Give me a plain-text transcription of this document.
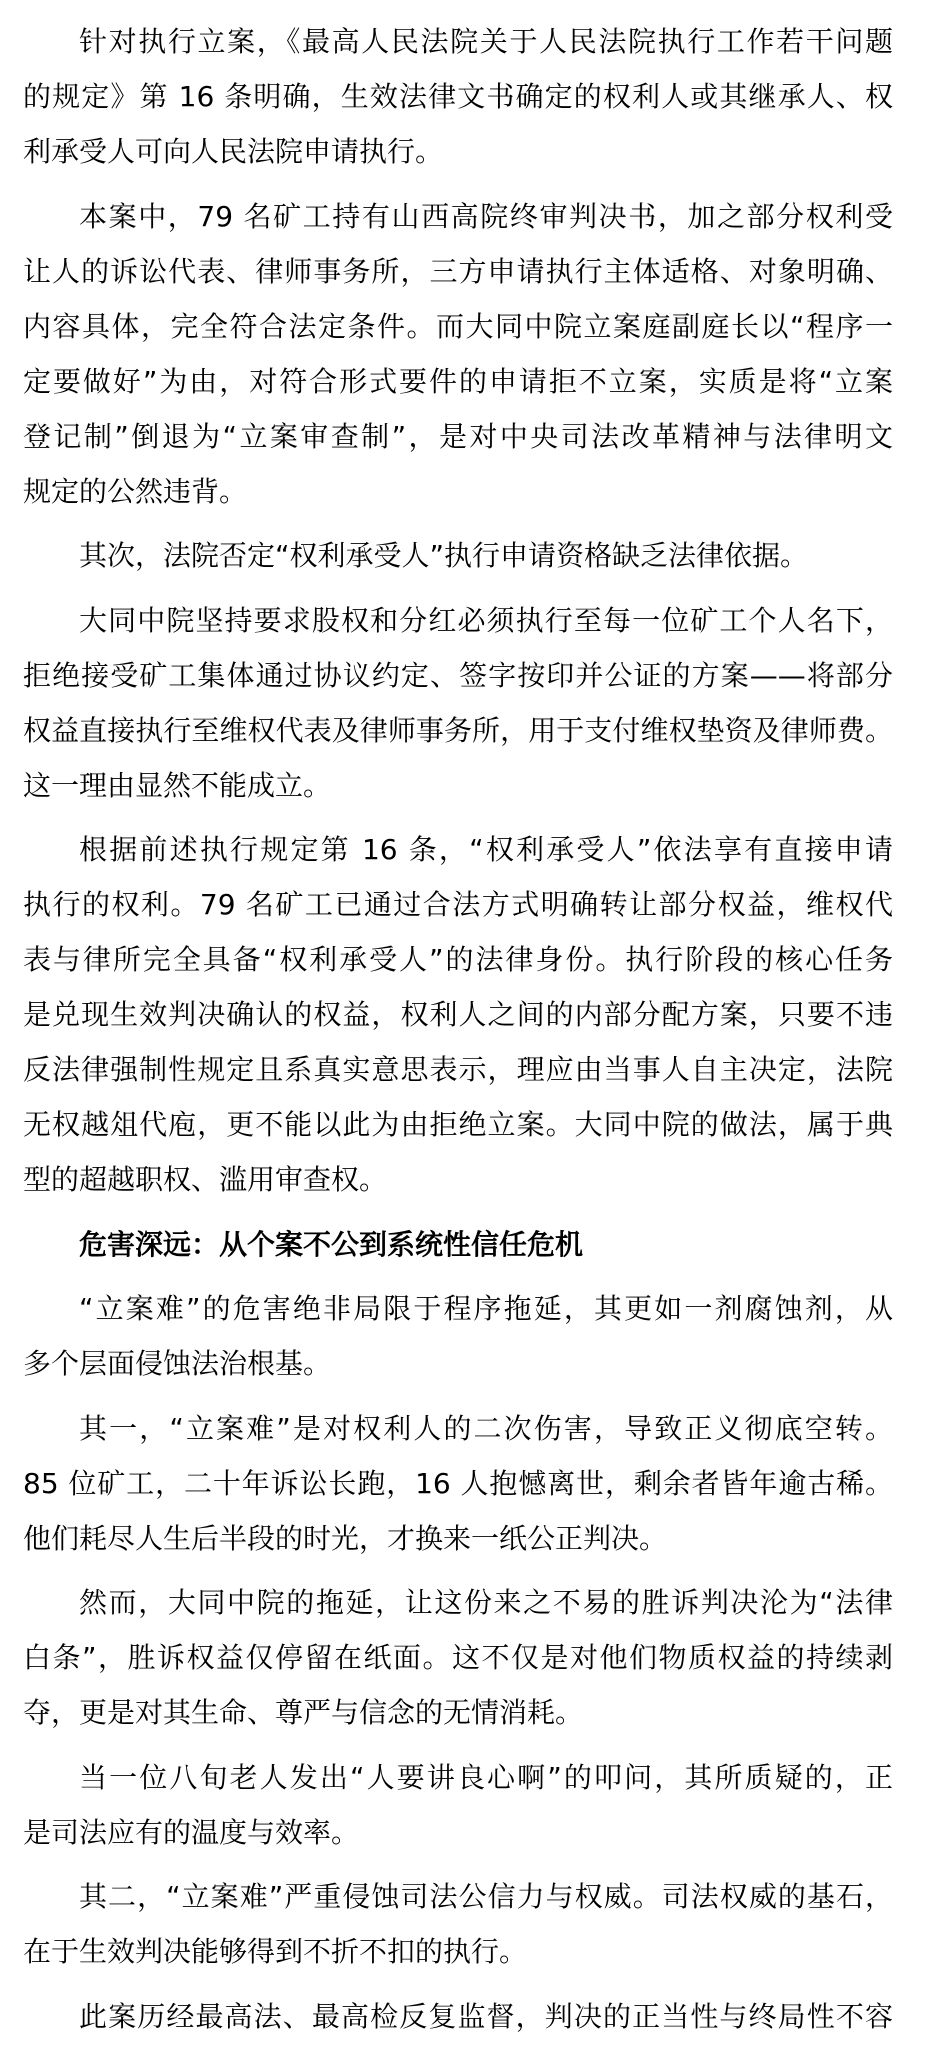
针对执行立案，《最高人民法院关于人民法院执行工作若干问题
的规定》第 16 条明确，生效法律文书确定的权利人或其继承人、权
利承受人可向人民法院申请执行。
本案中，79 名矿工持有山西高院终审判决书，加之部分权利受
让人的诉讼代表、律师事务所，三方申请执行主体适格、对象明确、
内容具体，完全符合法定条件。而大同中院立案庭副庭长以“程序一
定要做好”为由，对符合形式要件的申请拒不立案，实质是将“立案
登记制”倒退为“立案审查制”，是对中央司法改革精神与法律明文
规定的公然违背。
其次，法院否定“权利承受人”执行申请资格缺乏法律依据。
大同中院坚持要求股权和分红必须执行至每一位矿工个人名下，
拒绝接受矿工集体通过协议约定、签字按印并公证的方案——将部分
权益直接执行至维权代表及律师事务所，用于支付维权垫资及律师费。
这一理由显然不能成立。
根据前述执行规定第 16 条，“权利承受人”依法享有直接申请
执行的权利。79 名矿工已通过合法方式明确转让部分权益，维权代
表与律所完全具备“权利承受人”的法律身份。执行阶段的核心任务
是兑现生效判决确认的权益，权利人之间的内部分配方案，只要不违
反法律强制性规定且系真实意思表示，理应由当事人自主决定，法院
无权越俎代庖，更不能以此为由拒绝立案。大同中院的做法，属于典
型的超越职权、滥用审查权。
危害深远：从个案不公到系统性信任危机
“立案难”的危害绝非局限于程序拖延，其更如一剂腐蚀剂，从
多个层面侵蚀法治根基。
其一，“立案难”是对权利人的二次伤害，导致正义彻底空转。
85 位矿工，二十年诉讼长跑，16 人抱憾离世，剩余者皆年逾古稀。
他们耗尽人生后半段的时光，才换来一纸公正判决。
然而，大同中院的拖延，让这份来之不易的胜诉判决沦为“法律
白条”，胜诉权益仅停留在纸面。这不仅是对他们物质权益的持续剥
夺，更是对其生命、尊严与信念的无情消耗。
当一位八旬老人发出“人要讲良心啊”的叩问，其所质疑的，正
是司法应有的温度与效率。
其二，“立案难”严重侵蚀司法公信力与权威。司法权威的基石，
在于生效判决能够得到不折不扣的执行。
此案历经最高法、最高检反复监督，判决的正当性与终局性不容
